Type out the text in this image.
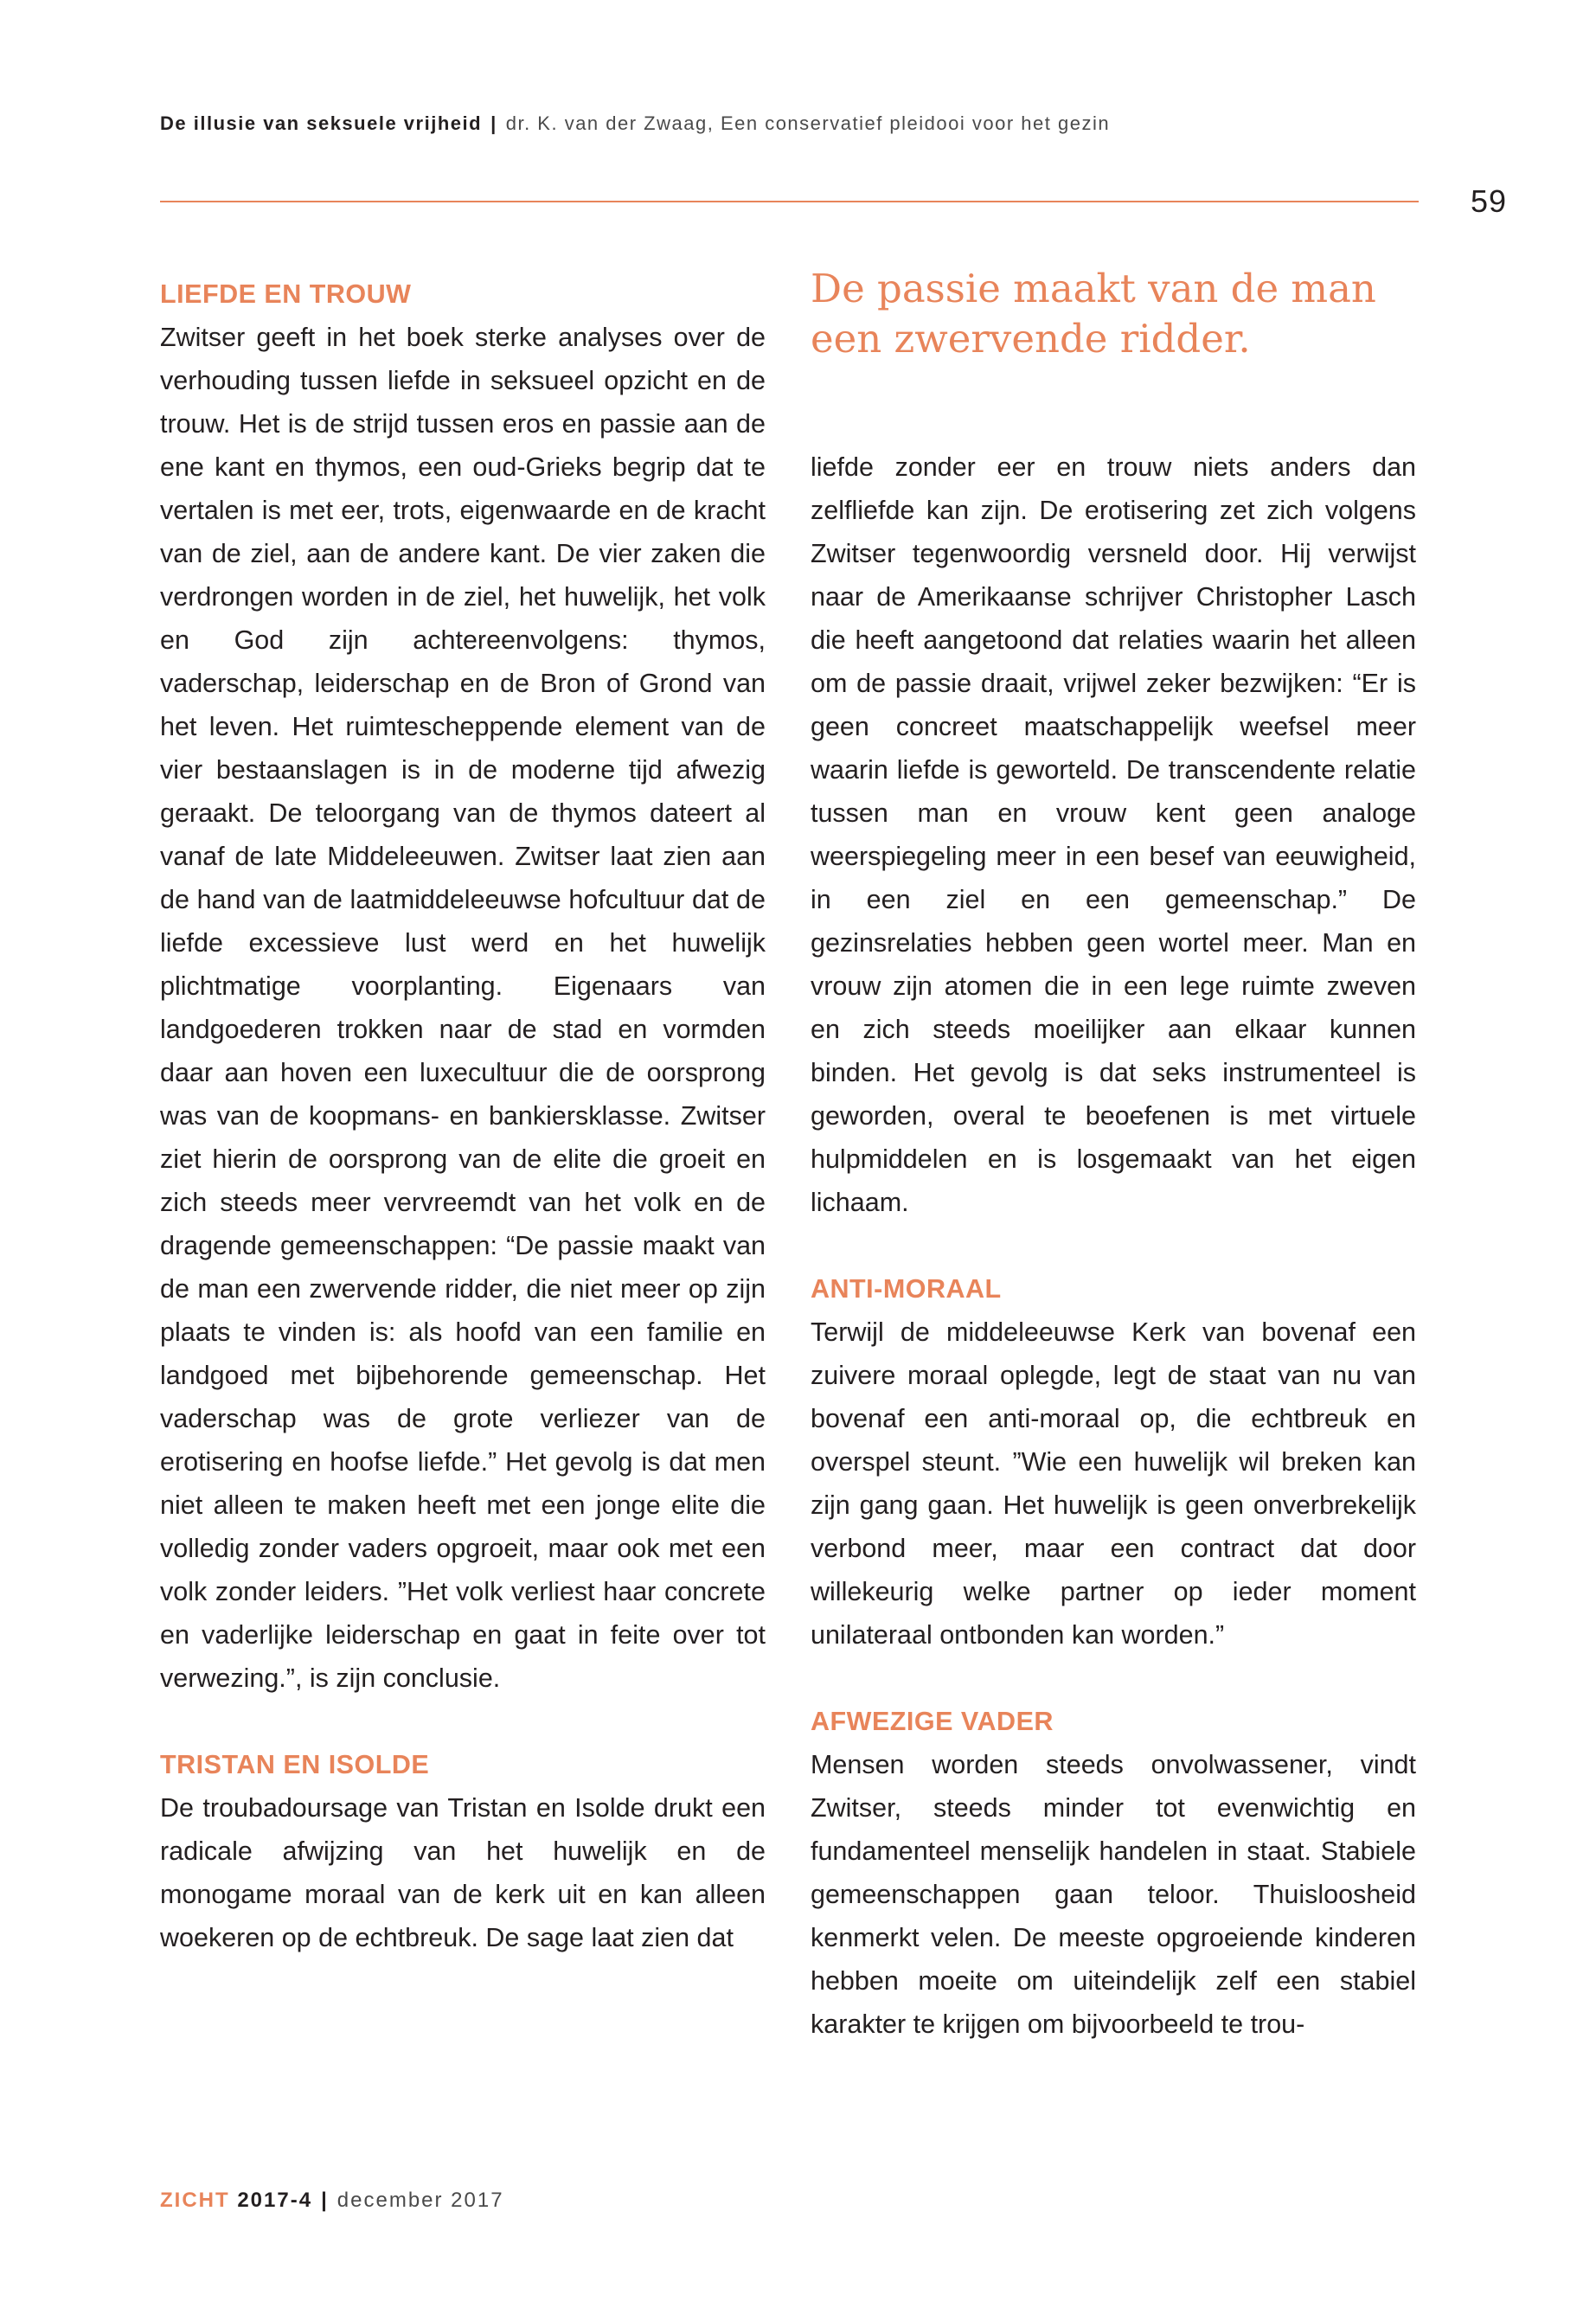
De illusie van seksuele vrijheid | dr. K. van der Zwaag, Een conservatief pleidooi voor het gezin
59

LIEFDE EN TROUW

Zwitser geeft in het boek sterke analyses over de verhouding tussen liefde in seksueel opzicht en de trouw. Het is de strijd tussen eros en passie aan de ene kant en thymos, een oud-Grieks begrip dat te vertalen is met eer, trots, eigenwaarde en de kracht van de ziel, aan de andere kant. De vier zaken die verdrongen worden in de ziel, het huwelijk, het volk en God zijn achtereenvolgens: thymos, vaderschap, leiderschap en de Bron of Grond van het leven. Het ruimtescheppende element van de vier bestaanslagen is in de moderne tijd afwezig geraakt. De teloorgang van de thymos dateert al vanaf de late Middeleeuwen. Zwitser laat zien aan de hand van de laatmiddeleeuwse hofcultuur dat de liefde excessieve lust werd en het huwelijk plichtmatige voorplanting. Eigenaars van landgoederen trokken naar de stad en vormden daar aan hoven een luxecultuur die de oorsprong was van de koopmans- en bankiersklasse. Zwitser ziet hierin de oorsprong van de elite die groeit en zich steeds meer vervreemdt van het volk en de dragende gemeenschappen: “De passie maakt van de man een zwervende ridder, die niet meer op zijn plaats te vinden is: als hoofd van een familie en landgoed met bijbehorende gemeenschap. Het vaderschap was de grote verliezer van de erotisering en hoofse liefde.” Het gevolg is dat men niet alleen te maken heeft met een jonge elite die volledig zonder vaders opgroeit, maar ook met een volk zonder leiders. ”Het volk verliest haar concrete en vaderlijke leiderschap en gaat in feite over tot verwezing.”, is zijn conclusie.

TRISTAN EN ISOLDE

De troubadoursage van Tristan en Isolde drukt een radicale afwijzing van het huwelijk en de monogame moraal van de kerk uit en kan alleen woekeren op de echtbreuk. De sage laat zien dat

De passie maakt van de man een zwervende ridder.

liefde zonder eer en trouw niets anders dan zelfliefde kan zijn. De erotisering zet zich volgens Zwitser tegenwoordig versneld door. Hij verwijst naar de Amerikaanse schrijver Christopher Lasch die heeft aangetoond dat relaties waarin het alleen om de passie draait, vrijwel zeker bezwijken: “Er is geen concreet maatschappelijk weefsel meer waarin liefde is geworteld. De transcendente relatie tussen man en vrouw kent geen analoge weerspiegeling meer in een besef van eeuwigheid, in een ziel en een gemeenschap.” De gezinsrelaties hebben geen wortel meer. Man en vrouw zijn atomen die in een lege ruimte zweven en zich steeds moeilijker aan elkaar kunnen binden. Het gevolg is dat seks instrumenteel is geworden, overal te beoefenen is met virtuele hulpmiddelen en is losgemaakt van het eigen lichaam.

ANTI-MORAAL

Terwijl de middeleeuwse Kerk van bovenaf een zuivere moraal oplegde, legt de staat van nu van bovenaf een anti-moraal op, die echtbreuk en overspel steunt. ”Wie een huwelijk wil breken kan zijn gang gaan. Het huwelijk is geen onverbrekelijk verbond meer, maar een contract dat door willekeurig welke partner op ieder moment unilateraal ontbonden kan worden.”

AFWEZIGE VADER

Mensen worden steeds onvolwassener, vindt Zwitser, steeds minder tot evenwichtig en fundamenteel menselijk handelen in staat. Stabiele gemeenschappen gaan teloor. Thuisloosheid kenmerkt velen. De meeste opgroeiende kinderen hebben moeite om uiteindelijk zelf een stabiel karakter te krijgen om bijvoorbeeld te trou-

ZICHT 2017-4 | december 2017
